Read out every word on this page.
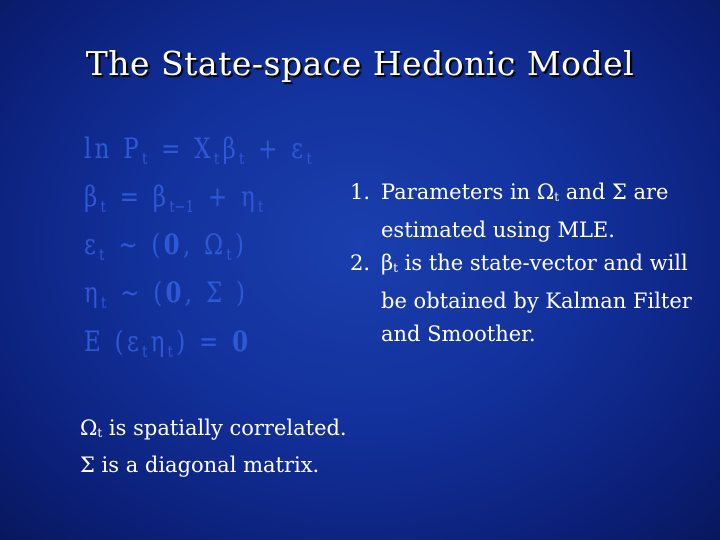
The State-space Hedonic Model
$\ln P_t = X_t$ $\beta_t + \varepsilon_t$
$\beta_t = \beta_{t-1} + \eta_t$
$\varepsilon_t$ ~ (0, $\Omega_t$ )
$\eta_t$ ~ (0, Σ )
E ($\varepsilon_t$ $\eta_t$ ) = 0
1. Parameters in $\Omega_t$ and Σ are estimated using MLE.
2. $\beta_t$ is the state-vector and will be obtained by Kalman Filter and Smoother.
$\Omega_t$ is spatially correlated.
Σ is a diagonal matrix.
